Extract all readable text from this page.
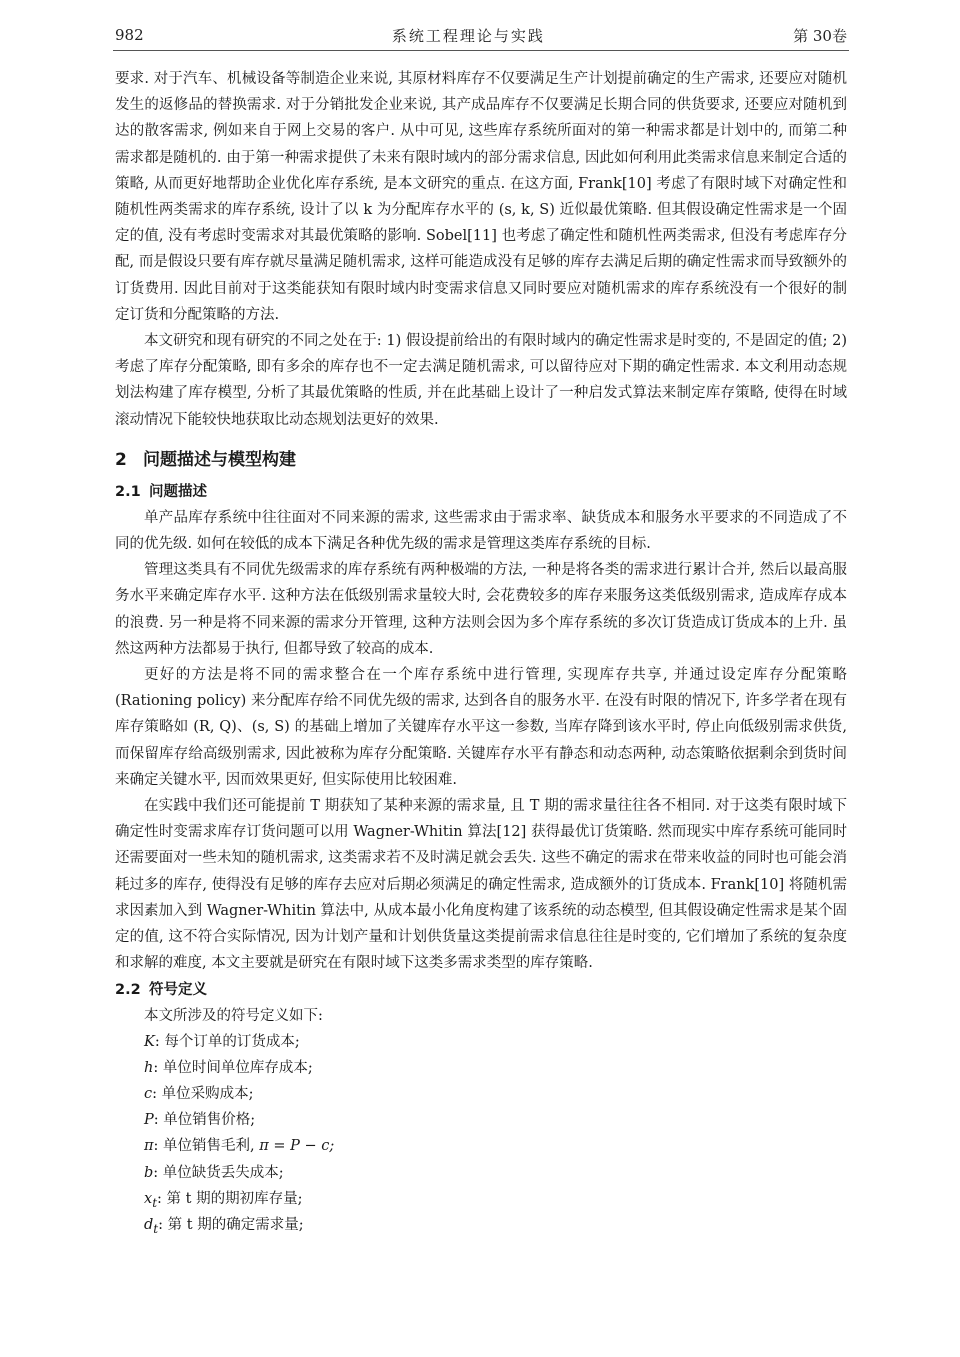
982	系统工程理论与实践	第 30卷

要求. 对于汽车、机械设备等制造企业来说, 其原材料库存不仅要满足生产计划提前确定的生产需求, 还要应对随机发生的返修品的替换需求. 对于分销批发企业来说, 其产成品库存不仅要满足长期合同的供货要求, 还要应对随机到达的散客需求, 例如来自于网上交易的客户. 从中可见, 这些库存系统所面对的第一种需求都是计划中的, 而第二种需求都是随机的. 由于第一种需求提供了未来有限时域内的部分需求信息, 因此如何利用此类需求信息来制定合适的策略, 从而更好地帮助企业优化库存系统, 是本文研究的重点. 在这方面, Frank[10] 考虑了有限时域下对确定性和随机性两类需求的库存系统, 设计了以 k 为分配库存水平的 (s, k, S) 近似最优策略. 但其假设确定性需求是一个固定的值, 没有考虑时变需求对其最优策略的影响. Sobel[11] 也考虑了确定性和随机性两类需求, 但没有考虑库存分配, 而是假设只要有库存就尽量满足随机需求, 这样可能造成没有足够的库存去满足后期的确定性需求而导致额外的订货费用. 因此目前对于这类能获知有限时域内时变需求信息又同时要应对随机需求的库存系统没有一个很好的制定订货和分配策略的方法.

本文研究和现有研究的不同之处在于: 1) 假设提前给出的有限时域内的确定性需求是时变的, 不是固定的值; 2) 考虑了库存分配策略, 即有多余的库存也不一定去满足随机需求, 可以留待应对下期的确定性需求. 本文利用动态规划法构建了库存模型, 分析了其最优策略的性质, 并在此基础上设计了一种启发式算法来制定库存策略, 使得在时域滚动情况下能较快地获取比动态规划法更好的效果.

2 问题描述与模型构建
2.1 问题描述

单产品库存系统中往往面对不同来源的需求, 这些需求由于需求率、缺货成本和服务水平要求的不同造成了不同的优先级. 如何在较低的成本下满足各种优先级的需求是管理这类库存系统的目标.

管理这类具有不同优先级需求的库存系统有两种极端的方法, 一种是将各类的需求进行累计合并, 然后以最高服务水平来确定库存水平. 这种方法在低级别需求量较大时, 会花费较多的库存来服务这类低级别需求, 造成库存成本的浪费. 另一种是将不同来源的需求分开管理, 这种方法则会因为多个库存系统的多次订货造成订货成本的上升. 虽然这两种方法都易于执行, 但都导致了较高的成本.

更好的方法是将不同的需求整合在一个库存系统中进行管理, 实现库存共享, 并通过设定库存分配策略 (Rationing policy) 来分配库存给不同优先级的需求, 达到各自的服务水平. 在没有时限的情况下, 许多学者在现有库存策略如 (R, Q)、(s, S) 的基础上增加了关键库存水平这一参数, 当库存降到该水平时, 停止向低级别需求供货, 而保留库存给高级别需求, 因此被称为库存分配策略. 关键库存水平有静态和动态两种, 动态策略依据剩余到货时间来确定关键水平, 因而效果更好, 但实际使用比较困难.

在实践中我们还可能提前 T 期获知了某种来源的需求量, 且 T 期的需求量往往各不相同. 对于这类有限时域下确定性时变需求库存订货问题可以用 Wagner-Whitin 算法[12] 获得最优订货策略. 然而现实中库存系统可能同时还需要面对一些未知的随机需求, 这类需求若不及时满足就会丢失. 这些不确定的需求在带来收益的同时也可能会消耗过多的库存, 使得没有足够的库存去应对后期必须满足的确定性需求, 造成额外的订货成本. Frank[10] 将随机需求因素加入到 Wagner-Whitin 算法中, 从成本最小化角度构建了该系统的动态模型, 但其假设确定性需求是某个固定的值, 这不符合实际情况, 因为计划产量和计划供货量这类提前需求信息往往是时变的, 它们增加了系统的复杂度和求解的难度, 本文主要就是研究在有限时域下这类多需求类型的库存策略.

2.2 符号定义

本文所涉及的符号定义如下:

K: 每个订单的订货成本;
h: 单位时间单位库存成本;
c: 单位采购成本;
P: 单位销售价格;
π: 单位销售毛利, π = P − c;
b: 单位缺货丢失成本;
$x_t$: 第 t 期的期初库存量;
$d_t$: 第 t 期的确定需求量;
